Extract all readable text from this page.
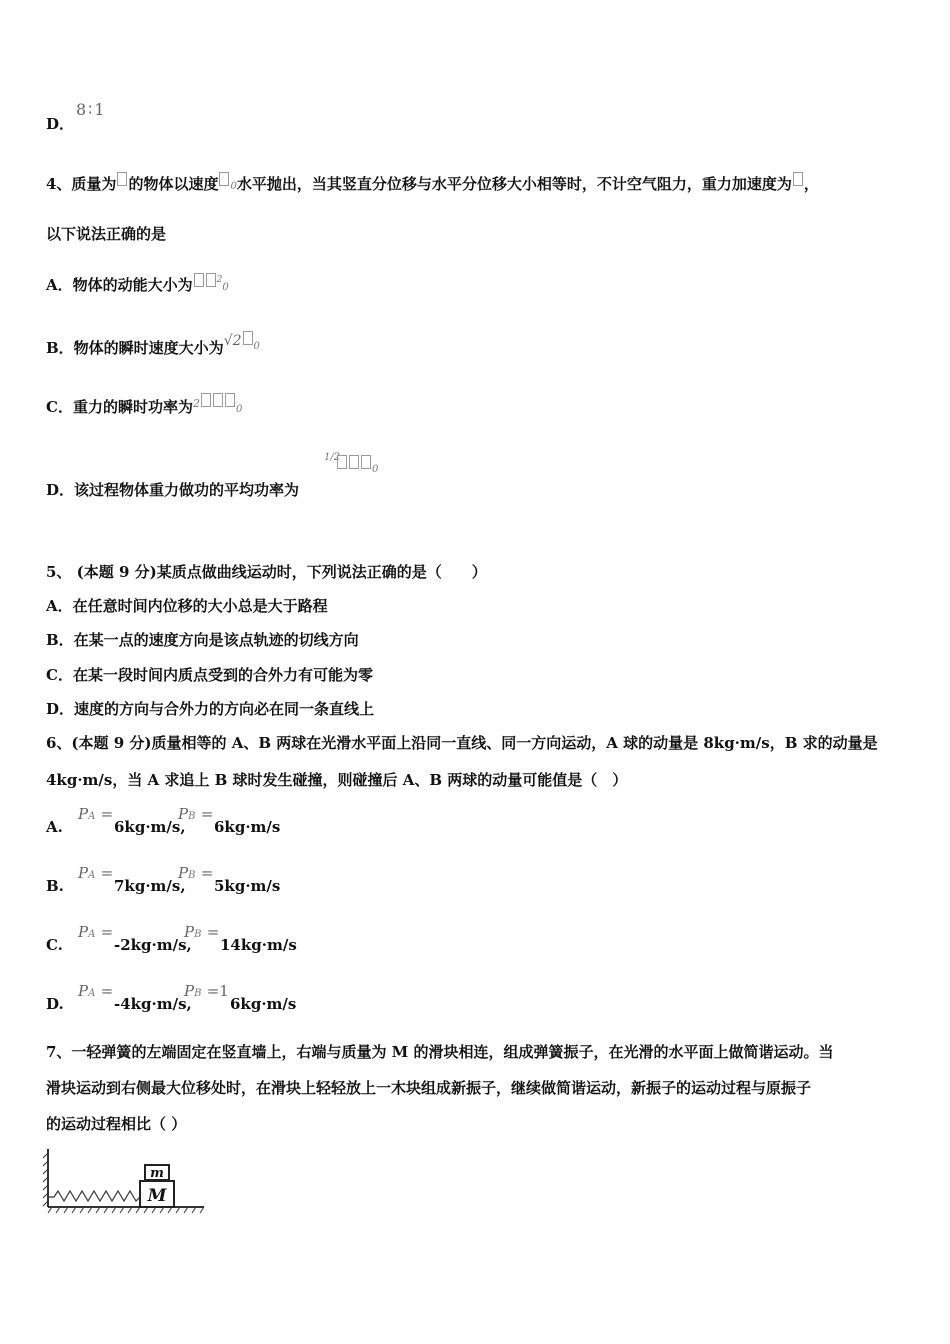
D．
8∶1
4、质量为 的物体以速度 0水平抛出，当其竖直分位移与水平分位移大小相等时，不计空气阻力，重力加速度为 ，
以下说法正确的是
A．物体的动能大小为	$^2$0
B．物体的瞬时速度大小为√2 $^0$
C．重力的瞬时功率为$^2$	0
1/2
0
D．该过程物体重力做功的平均功率为
5、 (本题 9 分)某质点做曲线运动时，下列说法正确的是（　　）
A．在任意时间内位移的大小总是大于路程
B．在某一点的速度方向是该点轨迹的切线方向
C．在某一段时间内质点受到的合外力有可能为零
D．速度的方向与合外力的方向必在同一条直线上
6、(本题 9 分)质量相等的 A、B 两球在光滑水平面上沿同一直线、同一方向运动，A 球的动量是 8kg·m/s，B 求的动量是
4kg·m/s，当 A 求追上 B 球时发生碰撞，则碰撞后 A、B 两球的动量可能值是（　）
A.
PA =
6kg·m/s,
PB =
6kg·m/s
B.
PA =
7kg·m/s,
PB =
5kg·m/s
C.
PA =
-2kg·m/s,
PB =
14kg·m/s
D.
PA =
-4kg·m/s,
PB =1
6kg·m/s
7、一轻弹簧的左端固定在竖直墙上，右端与质量为 M 的滑块相连，组成弹簧振子，在光滑的水平面上做简谐运动。当
滑块运动到右侧最大位移处时，在滑块上轻轻放上一木块组成新振子，继续做简谐运动，新振子的运动过程与原振子
的运动过程相比（ ）
M
m
